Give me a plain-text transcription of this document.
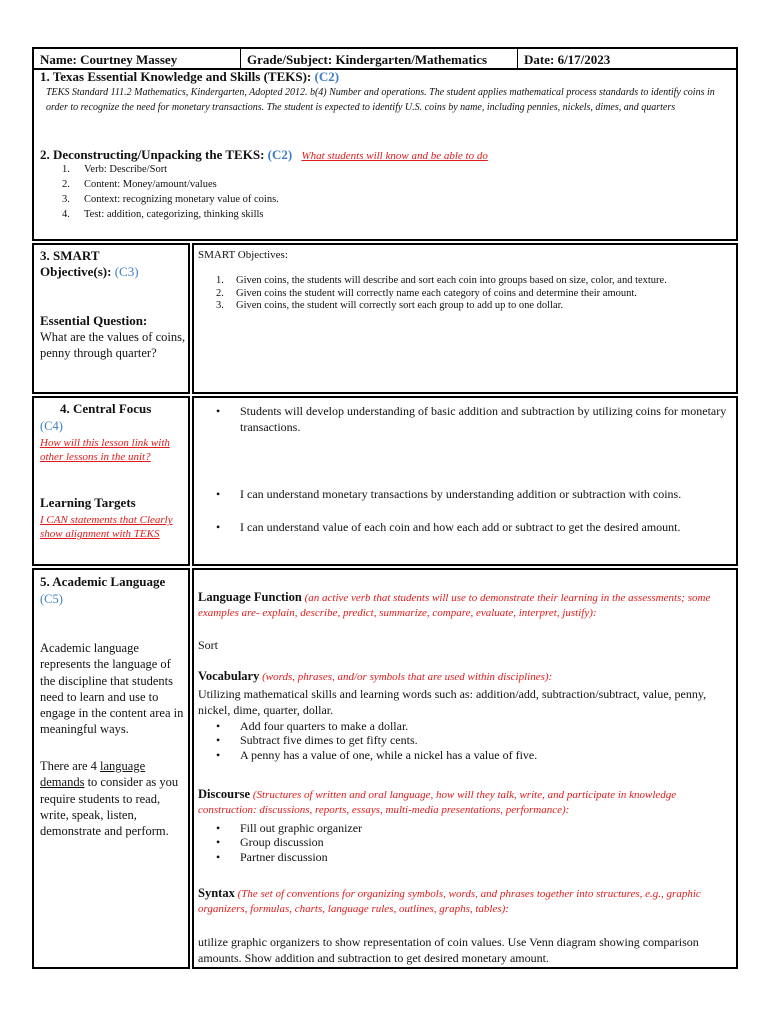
Name: Courtney Massey	Grade/Subject: Kindergarten/Mathematics	Date: 6/17/2023
1. Texas Essential Knowledge and Skills (TEKS): (C2)
TEKS Standard 111.2 Mathematics, Kindergarten, Adopted 2012. b(4) Number and operations. The student applies mathematical process standards to identify coins in order to recognize the need for monetary transactions. The student is expected to identify U.S. coins by name, including pennies, nickels, dimes, and quarters
2. Deconstructing/Unpacking the TEKS: (C2) What students will know and be able to do
1. Verb: Describe/Sort
2. Content: Money/amount/values
3. Context: recognizing monetary value of coins.
4. Test: addition, categorizing, thinking skills
3. SMART
Objective(s): (C3)
Essential Question:
What are the values of coins, penny through quarter?
SMART Objectives:
1.	Given coins, the students will describe and sort each coin into groups based on size, color, and texture.
2.	Given coins the student will correctly name each category of coins and determine their amount.
3.	Given coins, the student will correctly sort each group to add up to one dollar.
4. Central Focus
(C4)
How will this lesson link with other lessons in the unit?
Learning Targets
I CAN statements that Clearly show alignment with TEKS
• Students will develop understanding of basic addition and subtraction by utilizing coins for monetary transactions.
• I can understand monetary transactions by understanding addition or subtraction with coins.
• I can understand value of each coin and how each add or subtract to get the desired amount.
5. Academic Language
(C5)
Academic language represents the language of the discipline that students need to learn and use to engage in the content area in meaningful ways.
There are 4 language demands to consider as you require students to read, write, speak, listen, demonstrate and perform.
Language Function (an active verb that students will use to demonstrate their learning in the assessments; some examples are- explain, describe, predict, summarize, compare, evaluate, interpret, justify):
Sort
Vocabulary (words, phrases, and/or symbols that are used within disciplines):
Utilizing mathematical skills and learning words such as: addition/add, subtraction/subtract, value, penny, nickel, dime, quarter, dollar.
• Add four quarters to make a dollar.
• Subtract five dimes to get fifty cents.
• A penny has a value of one, while a nickel has a value of five.
Discourse (Structures of written and oral language, how will they talk, write, and participate in knowledge construction: discussions, reports, essays, multi-media presentations, performance):
• Fill out graphic organizer
• Group discussion
• Partner discussion
Syntax (The set of conventions for organizing symbols, words, and phrases together into structures, e.g., graphic organizers, formulas, charts, language rules, outlines, graphs, tables):
utilize graphic organizers to show representation of coin values. Use Venn diagram showing comparison amounts. Show addition and subtraction to get desired monetary amount.
